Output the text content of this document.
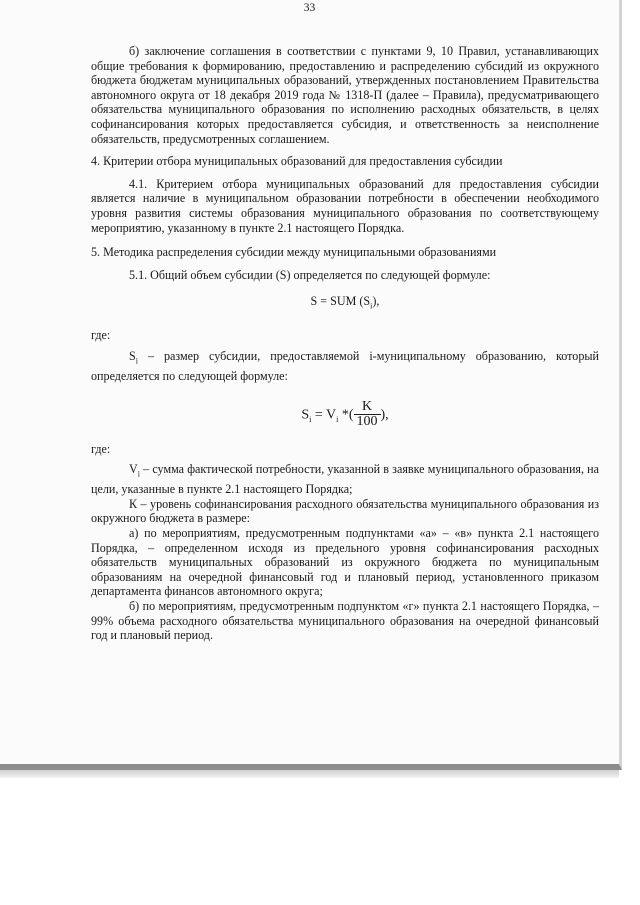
33

б) заключение соглашения в соответствии с пунктами 9, 10 Правил, устанавливающих общие требования к формированию, предоставлению и распределению субсидий из окружного бюджета бюджетам муниципальных образований, утвержденных постановлением Правительства автономного округа от 18 декабря 2019 года № 1318-П (далее – Правила), предусматривающего обязательства муниципального образования по исполнению расходных обязательств, в целях софинансирования которых предоставляется субсидия, и ответственность за неисполнение обязательств, предусмотренных соглашением.

4. Критерии отбора муниципальных образований для предоставления субсидии

4.1. Критерием отбора муниципальных образований для предоставления субсидии является наличие в муниципальном образовании потребности в обеспечении необходимого уровня развития системы образования муниципального образования по соответствующему мероприятию, указанному в пункте 2.1 настоящего Порядка.

5. Методика распределения субсидии между муниципальными образованиями

5.1. Общий объем субсидии (S) определяется по следующей формуле:

S = SUM $(S_i)$,

где:

$S_i$ – размер субсидии, предоставляемой i-муниципальному образованию, который определяется по следующей формуле:

$S_i = V_i$ *( $\frac{K}{100}$ ),

где:

$V_i$ – сумма фактической потребности, указанной в заявке муниципального образования, на цели, указанные в пункте 2.1 настоящего Порядка;

К – уровень софинансирования расходного обязательства муниципального образования из окружного бюджета в размере:

а) по мероприятиям, предусмотренным подпунктами «а» – «в» пункта 2.1 настоящего Порядка, – определенном исходя из предельного уровня софинансирования расходных обязательств муниципальных образований из окружного бюджета по муниципальным образованиям на очередной финансовый год и плановый период, установленного приказом департамента финансов автономного округа;

б) по мероприятиям, предусмотренным подпунктом «г» пункта 2.1 настоящего Порядка, – 99% объема расходного обязательства муниципального образования на очередной финансовый год и плановый период.
